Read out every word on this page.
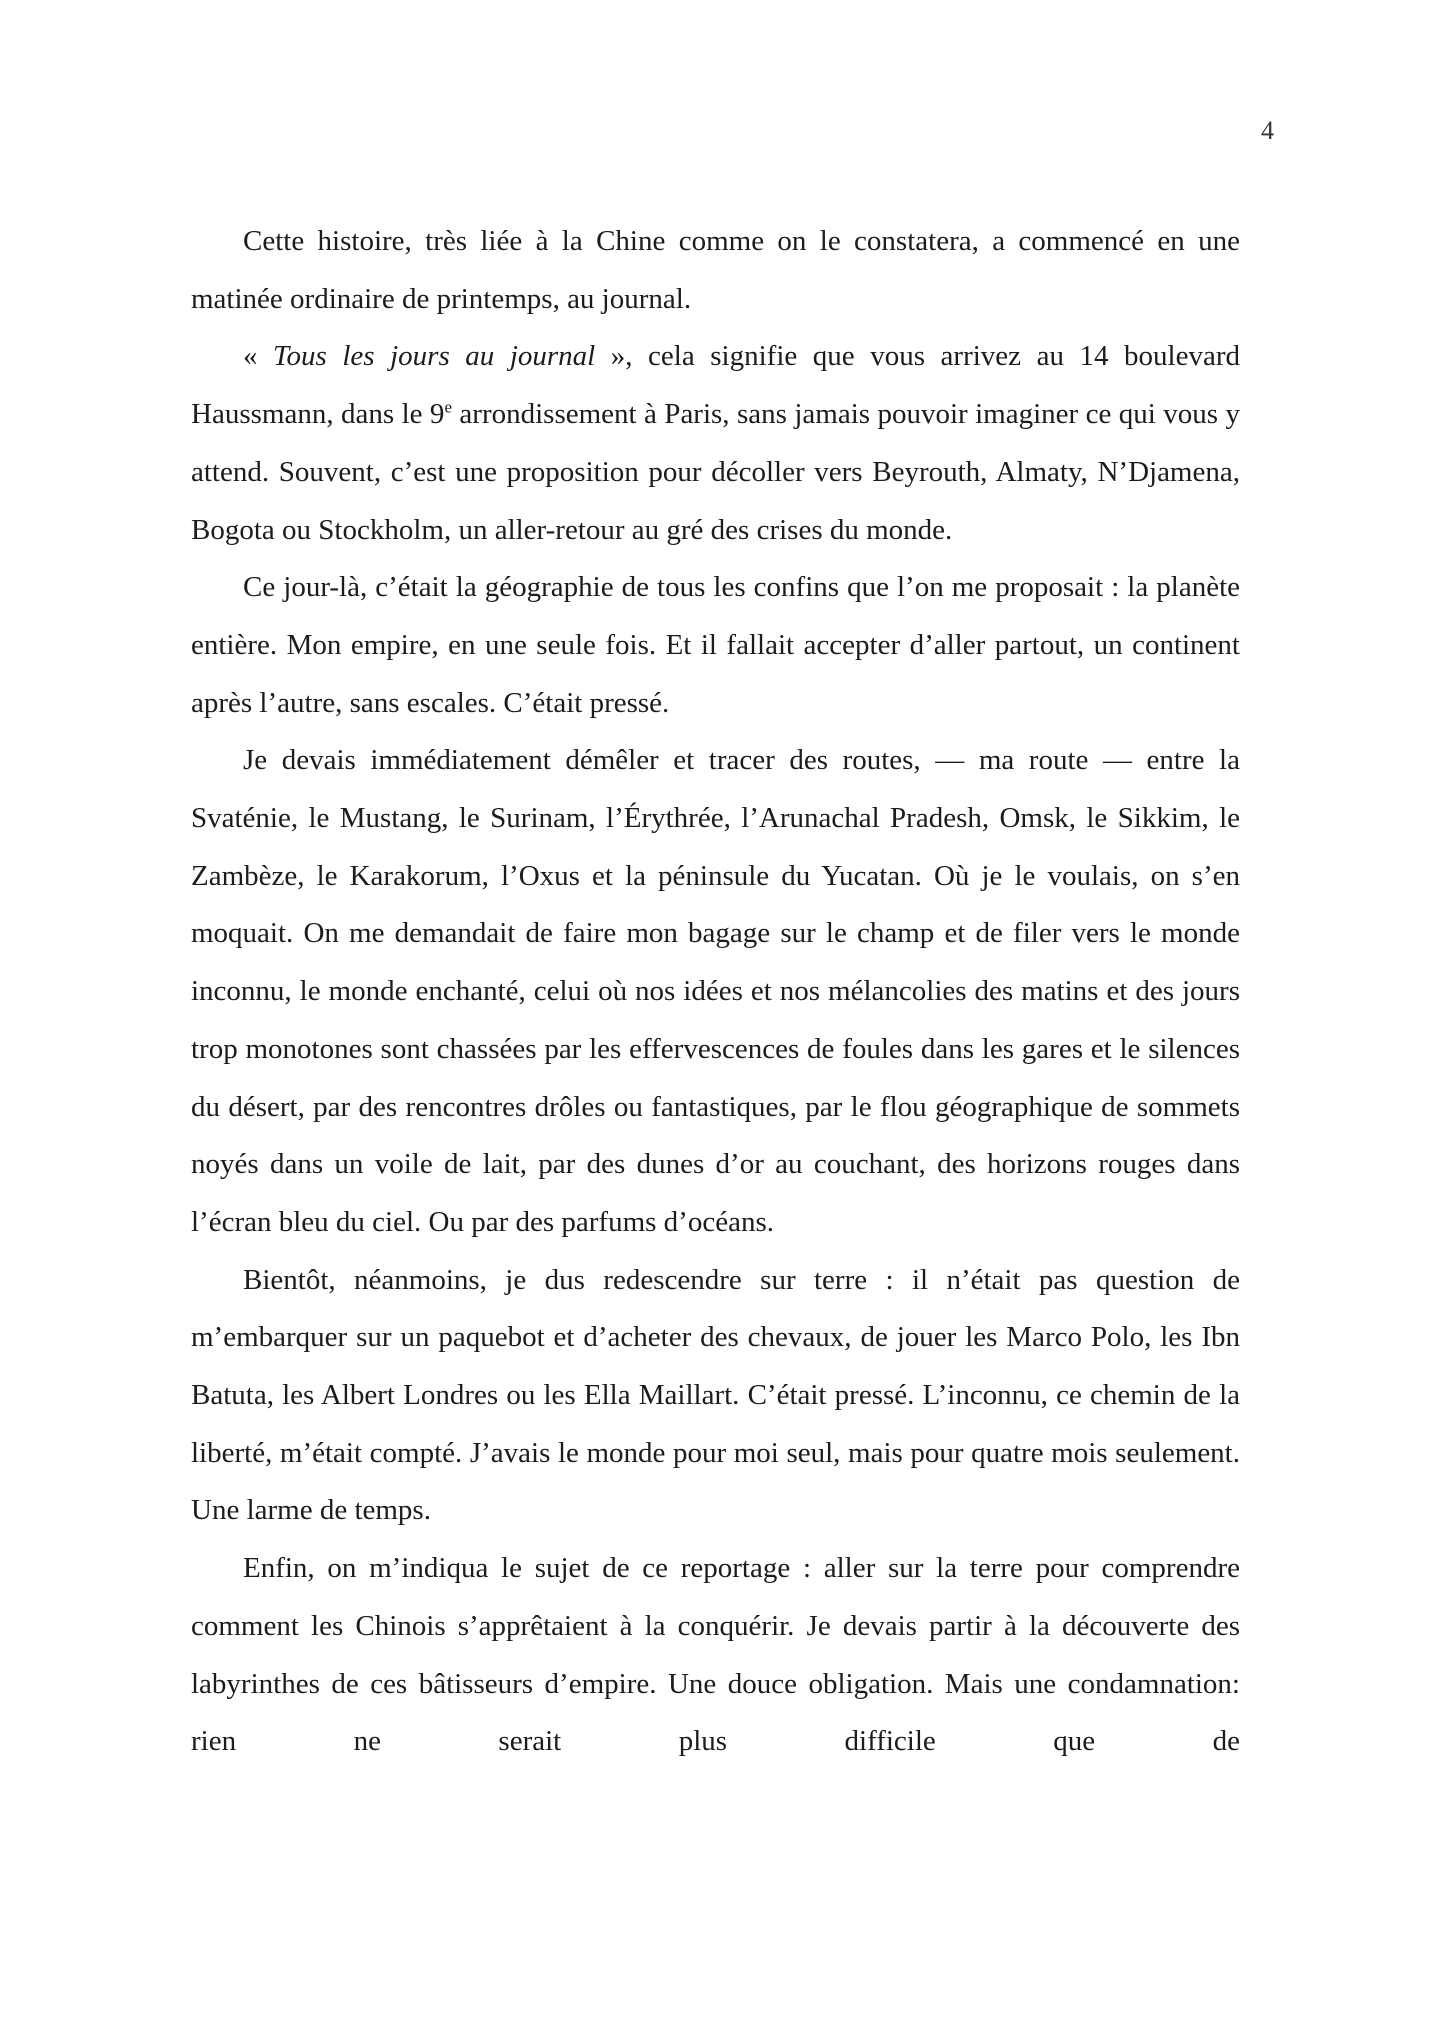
4

Cette histoire, très liée à la Chine comme on le constatera, a commencé en une matinée ordinaire de printemps, au journal.

« Tous les jours au journal », cela signifie que vous arrivez au 14 boulevard Haussmann, dans le 9e arrondissement à Paris, sans jamais pouvoir imaginer ce qui vous y attend. Souvent, c’est une proposition pour décoller vers Beyrouth, Almaty, N’Djamena, Bogota ou Stockholm, un aller-retour au gré des crises du monde.

Ce jour-là, c’était la géographie de tous les confins que l’on me proposait : la planète entière. Mon empire, en une seule fois. Et il fallait accepter d’aller partout, un continent après l’autre, sans escales. C’était pressé.

Je devais immédiatement démêler et tracer des routes, — ma route — entre la Svaténie, le Mustang, le Surinam, l’Érythrée, l’Arunachal Pradesh, Omsk, le Sikkim, le Zambèze, le Karakorum, l’Oxus et la péninsule du Yucatan. Où je le voulais, on s’en moquait. On me demandait de faire mon bagage sur le champ et de filer vers le monde inconnu, le monde enchanté, celui où nos idées et nos mélancolies des matins et des jours trop monotones sont chassées par les effervescences de foules dans les gares et le silences du désert, par des rencontres drôles ou fantastiques, par le flou géographique de sommets noyés dans un voile de lait, par des dunes d’or au couchant, des horizons rouges dans l’écran bleu du ciel. Ou par des parfums d’océans.

Bientôt, néanmoins, je dus redescendre sur terre : il n’était pas question de m’embarquer sur un paquebot et d’acheter des chevaux, de jouer les Marco Polo, les Ibn Batuta, les Albert Londres ou les Ella Maillart. C’était pressé. L’inconnu, ce chemin de la liberté, m’était compté. J’avais le monde pour moi seul, mais pour quatre mois seulement. Une larme de temps.

Enfin, on m’indiqua le sujet de ce reportage : aller sur la terre pour comprendre comment les Chinois s’apprêtaient à la conquérir. Je devais partir à la découverte des labyrinthes de ces bâtisseurs d’empire. Une douce obligation. Mais une condamnation: rien ne serait plus difficile que de
